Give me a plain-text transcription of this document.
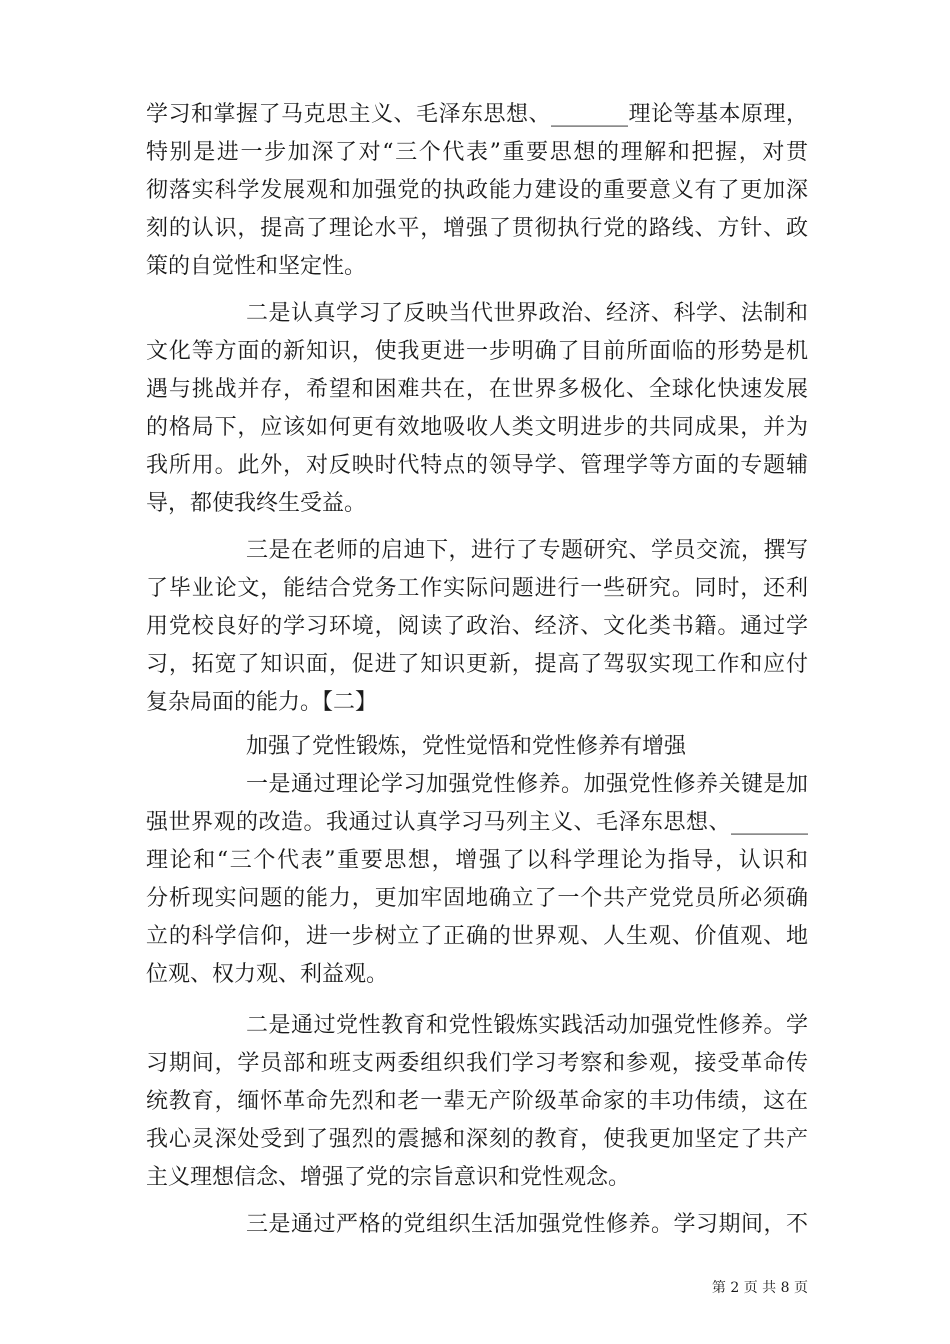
学习和掌握了马克思主义、毛泽东思想、_______理论等基本原理，
特别是进一步加深了对“三个代表”重要思想的理解和把握，对贯
彻落实科学发展观和加强党的执政能力建设的重要意义有了更加深
刻的认识，提高了理论水平，增强了贯彻执行党的路线、方针、政
策的自觉性和坚定性。
二是认真学习了反映当代世界政治、经济、科学、法制和
文化等方面的新知识，使我更进一步明确了目前所面临的形势是机
遇与挑战并存，希望和困难共在，在世界多极化、全球化快速发展
的格局下，应该如何更有效地吸收人类文明进步的共同成果，并为
我所用。此外，对反映时代特点的领导学、管理学等方面的专题辅
导，都使我终生受益。
三是在老师的启迪下，进行了专题研究、学员交流，撰写
了毕业论文，能结合党务工作实际问题进行一些研究。同时，还利
用党校良好的学习环境，阅读了政治、经济、文化类书籍。通过学
习，拓宽了知识面，促进了知识更新，提高了驾驭实现工作和应付
复杂局面的能力。【二】
加强了党性锻炼，党性觉悟和党性修养有增强
一是通过理论学习加强党性修养。加强党性修养关键是加
强世界观的改造。我通过认真学习马列主义、毛泽东思想、_______
理论和“三个代表”重要思想，增强了以科学理论为指导，认识和
分析现实问题的能力，更加牢固地确立了一个共产党党员所必须确
立的科学信仰，进一步树立了正确的世界观、人生观、价值观、地
位观、权力观、利益观。
二是通过党性教育和党性锻炼实践活动加强党性修养。学
习期间，学员部和班支两委组织我们学习考察和参观，接受革命传
统教育，缅怀革命先烈和老一辈无产阶级革命家的丰功伟绩，这在
我心灵深处受到了强烈的震撼和深刻的教育，使我更加坚定了共产
主义理想信念、增强了党的宗旨意识和党性观念。
三是通过严格的党组织生活加强党性修养。学习期间，不
第 2 页 共 8 页
